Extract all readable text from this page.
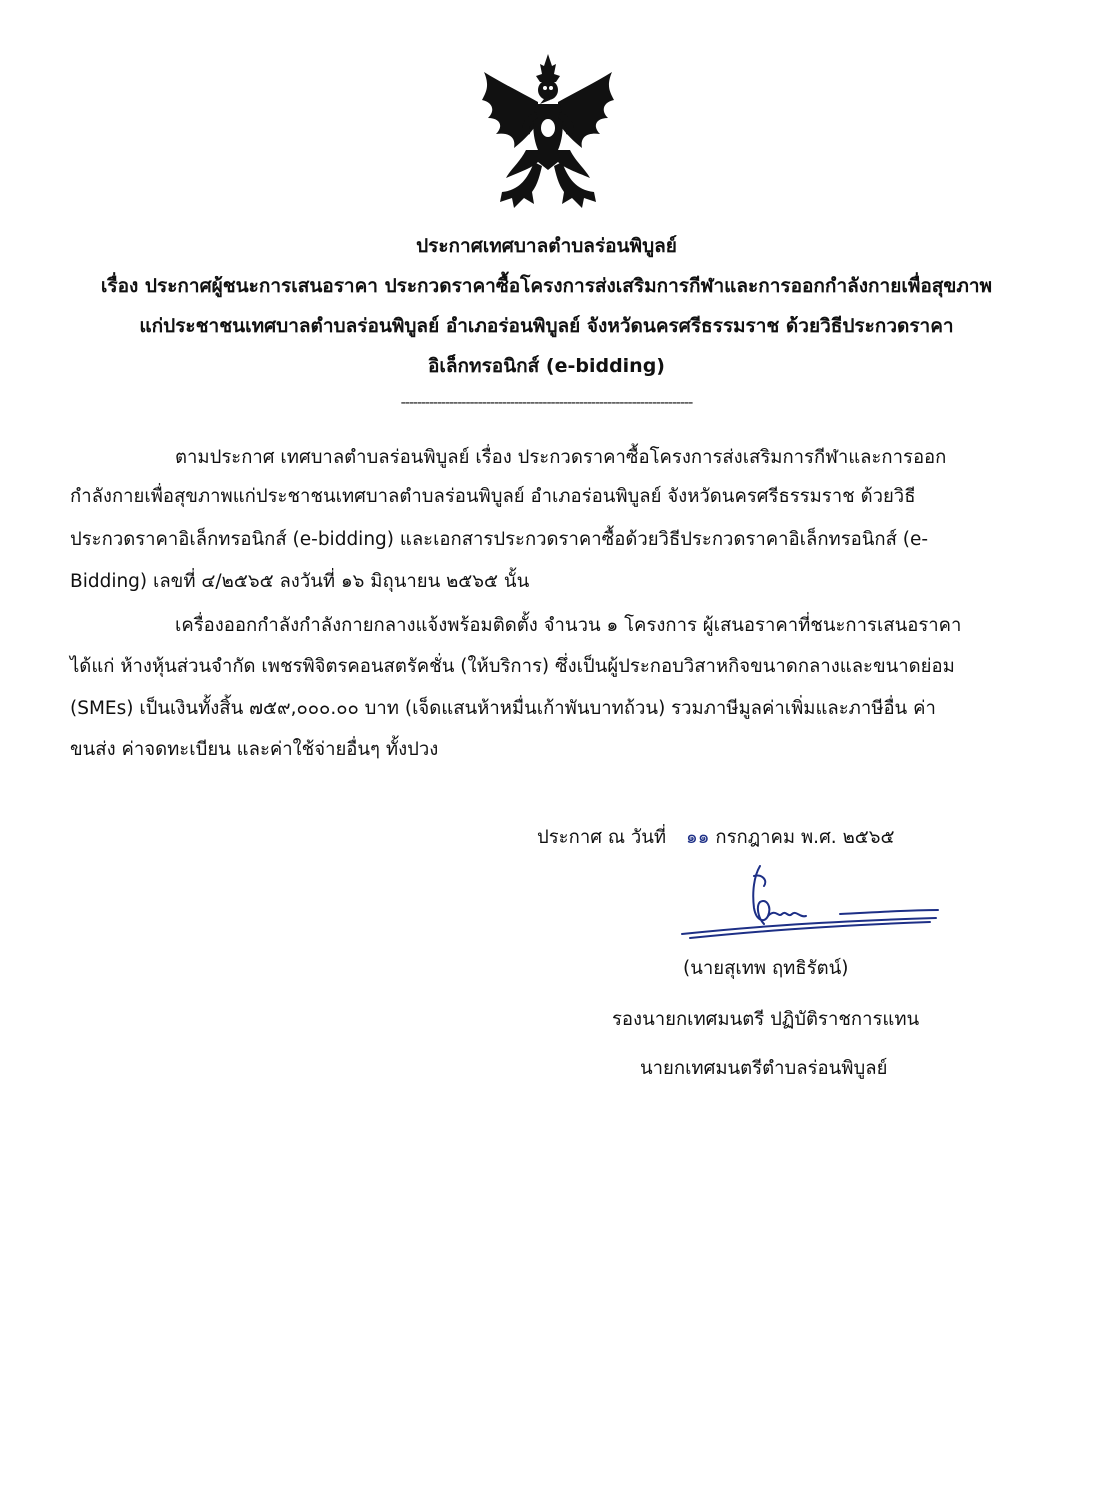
ประกาศเทศบาลตำบลร่อนพิบูลย์
เรื่อง ประกาศผู้ชนะการเสนอราคา ประกวดราคาซื้อโครงการส่งเสริมการกีฬาและการออกกำลังกายเพื่อสุขภาพ
แก่ประชาชนเทศบาลตำบลร่อนพิบูลย์ อำเภอร่อนพิบูลย์ จังหวัดนครศรีธรรมราช ด้วยวิธีประกวดราคา
อิเล็กทรอนิกส์ (e-bidding)
------------------------------------------------------------------------
ตามประกาศ เทศบาลตำบลร่อนพิบูลย์ เรื่อง ประกวดราคาซื้อโครงการส่งเสริมการกีฬาและการออก
กำลังกายเพื่อสุขภาพแก่ประชาชนเทศบาลตำบลร่อนพิบูลย์ อำเภอร่อนพิบูลย์ จังหวัดนครศรีธรรมราช ด้วยวิธี
ประกวดราคาอิเล็กทรอนิกส์ (e-bidding) และเอกสารประกวดราคาซื้อด้วยวิธีประกวดราคาอิเล็กทรอนิกส์ (e-
Bidding) เลขที่ ๔/๒๕๖๕ ลงวันที่ ๑๖ มิถุนายน ๒๕๖๕ นั้น
เครื่องออกกำลังกำลังกายกลางแจ้งพร้อมติดตั้ง จำนวน ๑ โครงการ ผู้เสนอราคาที่ชนะการเสนอราคา
ได้แก่ ห้างหุ้นส่วนจำกัด เพชรพิจิตรคอนสตรัคชั่น (ให้บริการ) ซึ่งเป็นผู้ประกอบวิสาหกิจขนาดกลางและขนาดย่อม
(SMEs) เป็นเงินทั้งสิ้น ๗๕๙,๐๐๐.๐๐ บาท (เจ็ดแสนห้าหมื่นเก้าพันบาทถ้วน) รวมภาษีมูลค่าเพิ่มและภาษีอื่น ค่า
ขนส่ง ค่าจดทะเบียน และค่าใช้จ่ายอื่นๆ ทั้งปวง
ประกาศ ณ วันที่ ๑๑ กรกฎาคม พ.ศ. ๒๕๖๕
(นายสุเทพ ฤทธิรัตน์)
รองนายกเทศมนตรี ปฏิบัติราชการแทน
นายกเทศมนตรีตำบลร่อนพิบูลย์
